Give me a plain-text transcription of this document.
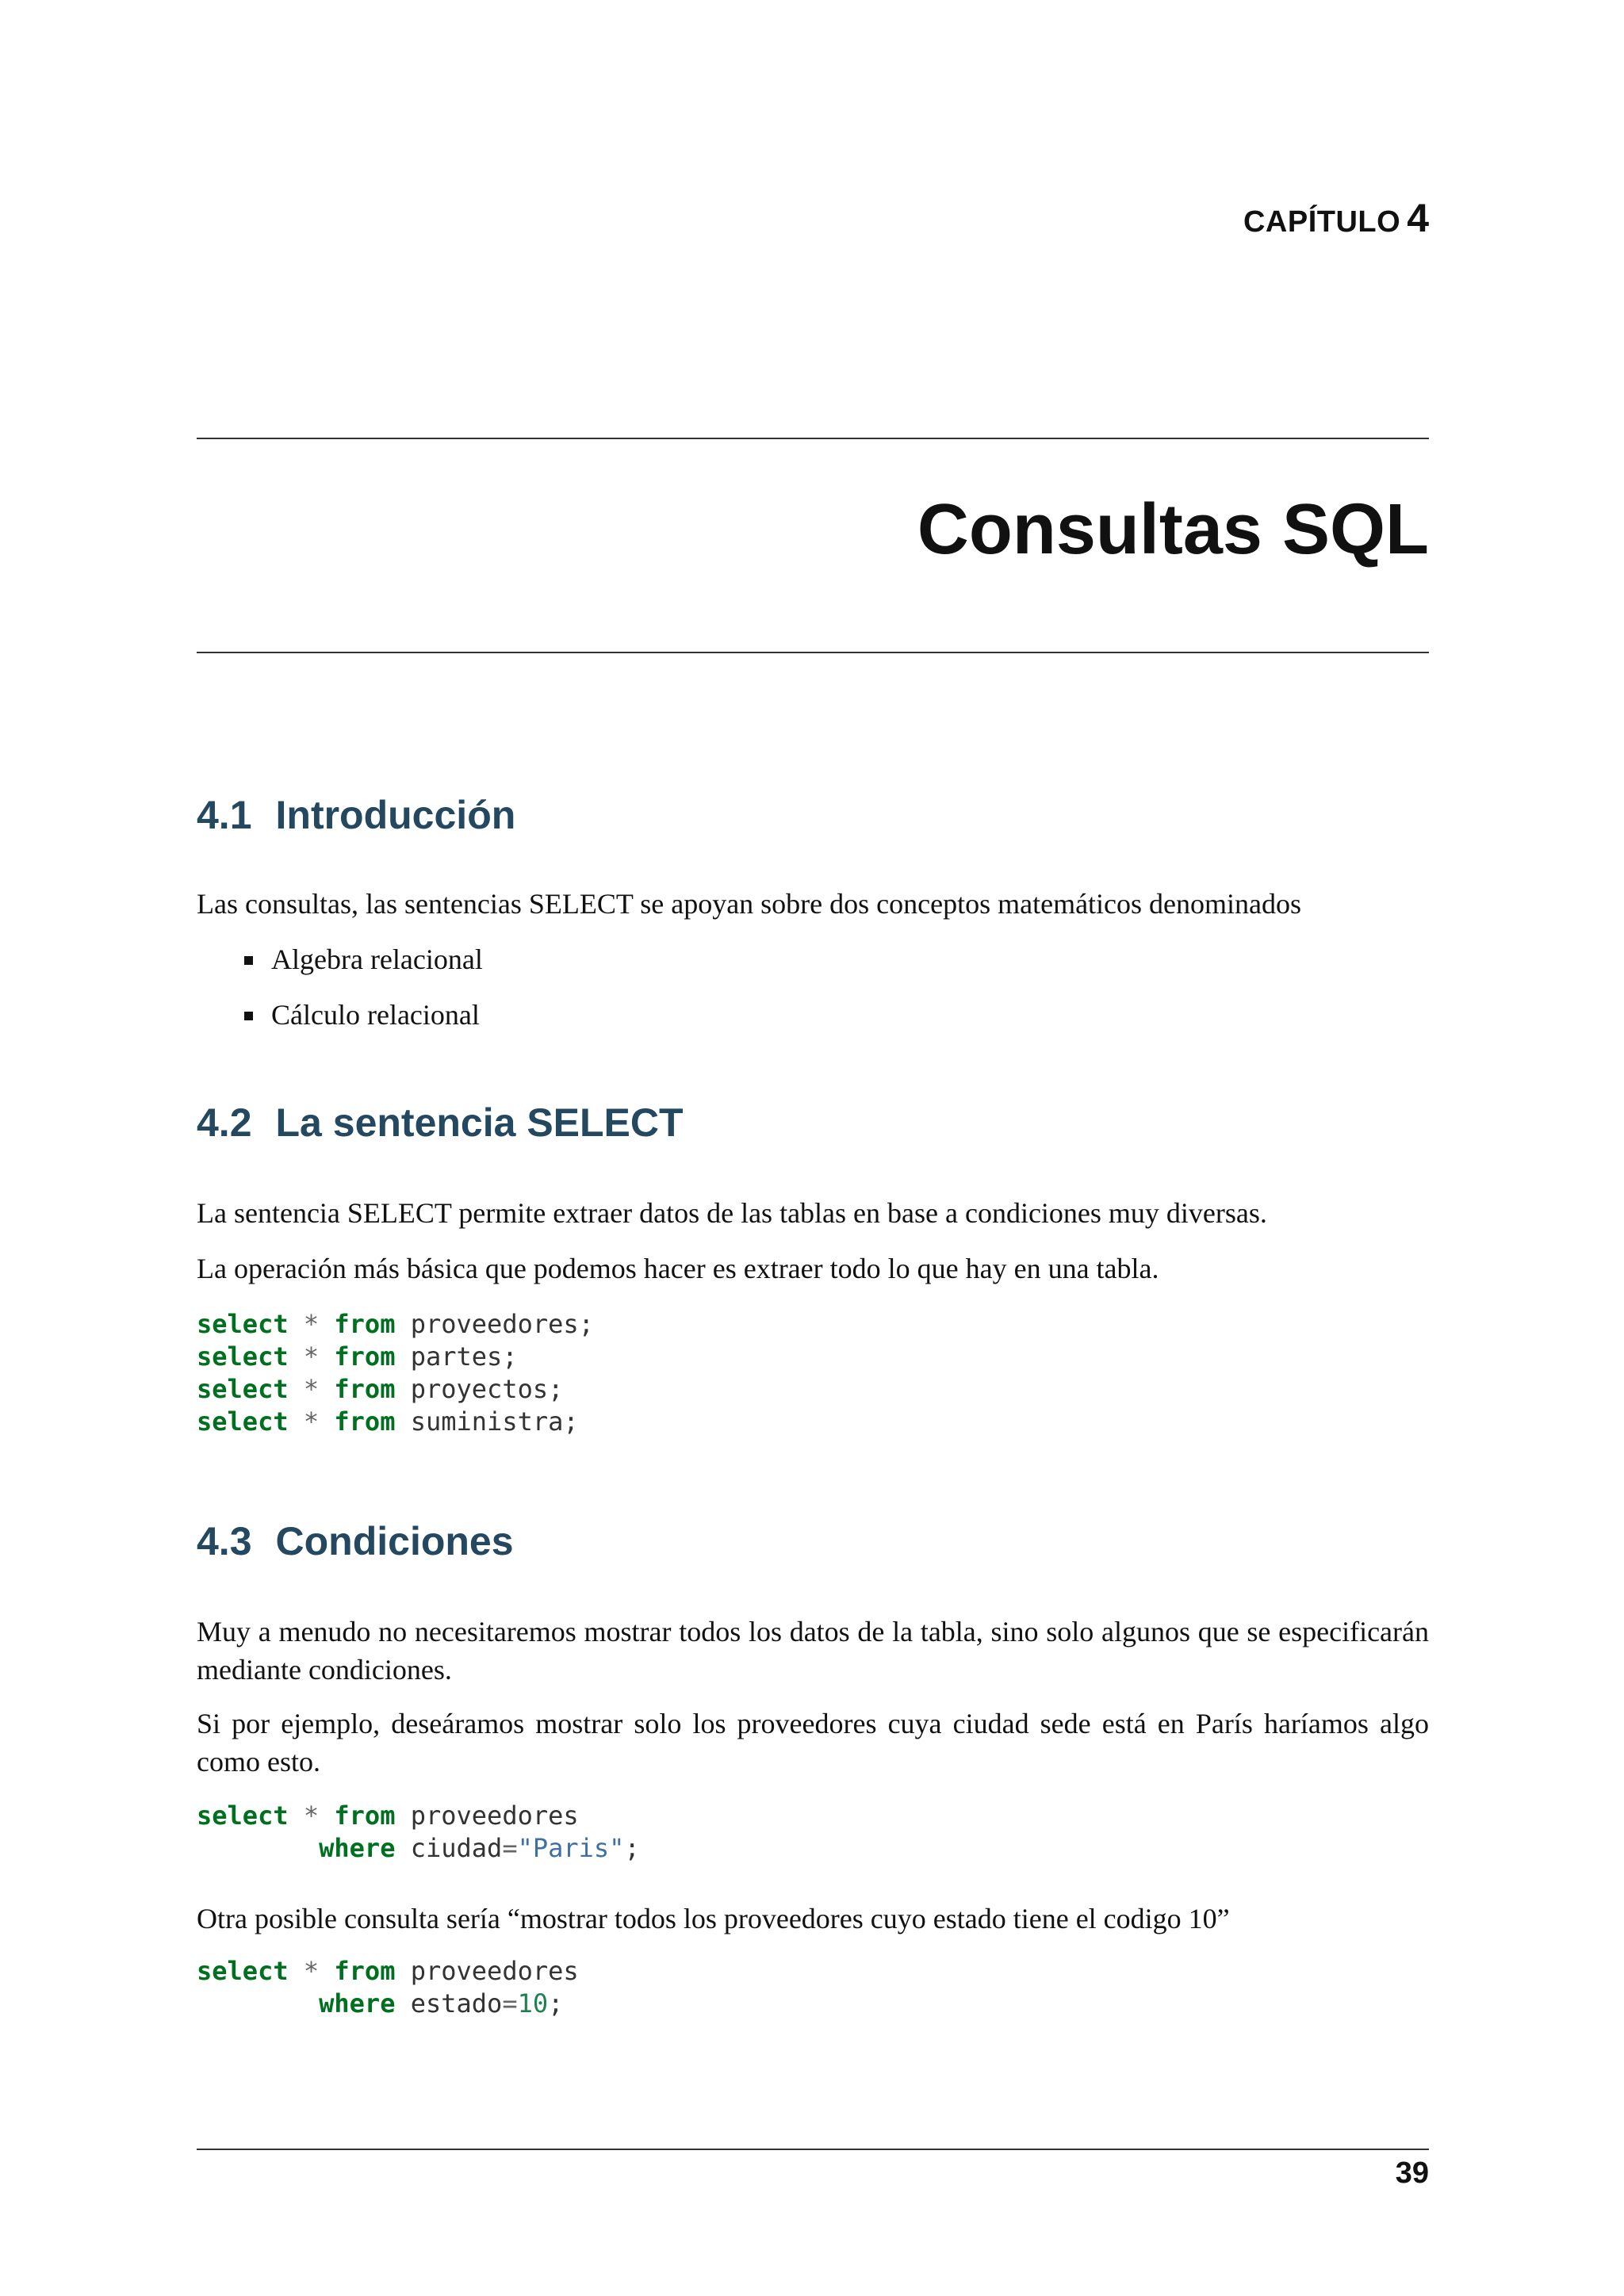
CAPÍTULO 4
Consultas SQL
4.1 Introducción
Las consultas, las sentencias SELECT se apoyan sobre dos conceptos matemáticos denominados
Algebra relacional
Cálculo relacional
4.2 La sentencia SELECT
La sentencia SELECT permite extraer datos de las tablas en base a condiciones muy diversas.
La operación más básica que podemos hacer es extraer todo lo que hay en una tabla.
select * from proveedores;
select * from partes;
select * from proyectos;
select * from suministra;
4.3 Condiciones
Muy a menudo no necesitaremos mostrar todos los datos de la tabla, sino solo algunos que se especificarán mediante condiciones.
Si por ejemplo, deseáramos mostrar solo los proveedores cuya ciudad sede está en París haríamos algo como esto.
select * from proveedores
where ciudad="Paris";
Otra posible consulta sería “mostrar todos los proveedores cuyo estado tiene el codigo 10”
select * from proveedores
where estado=10;
39
